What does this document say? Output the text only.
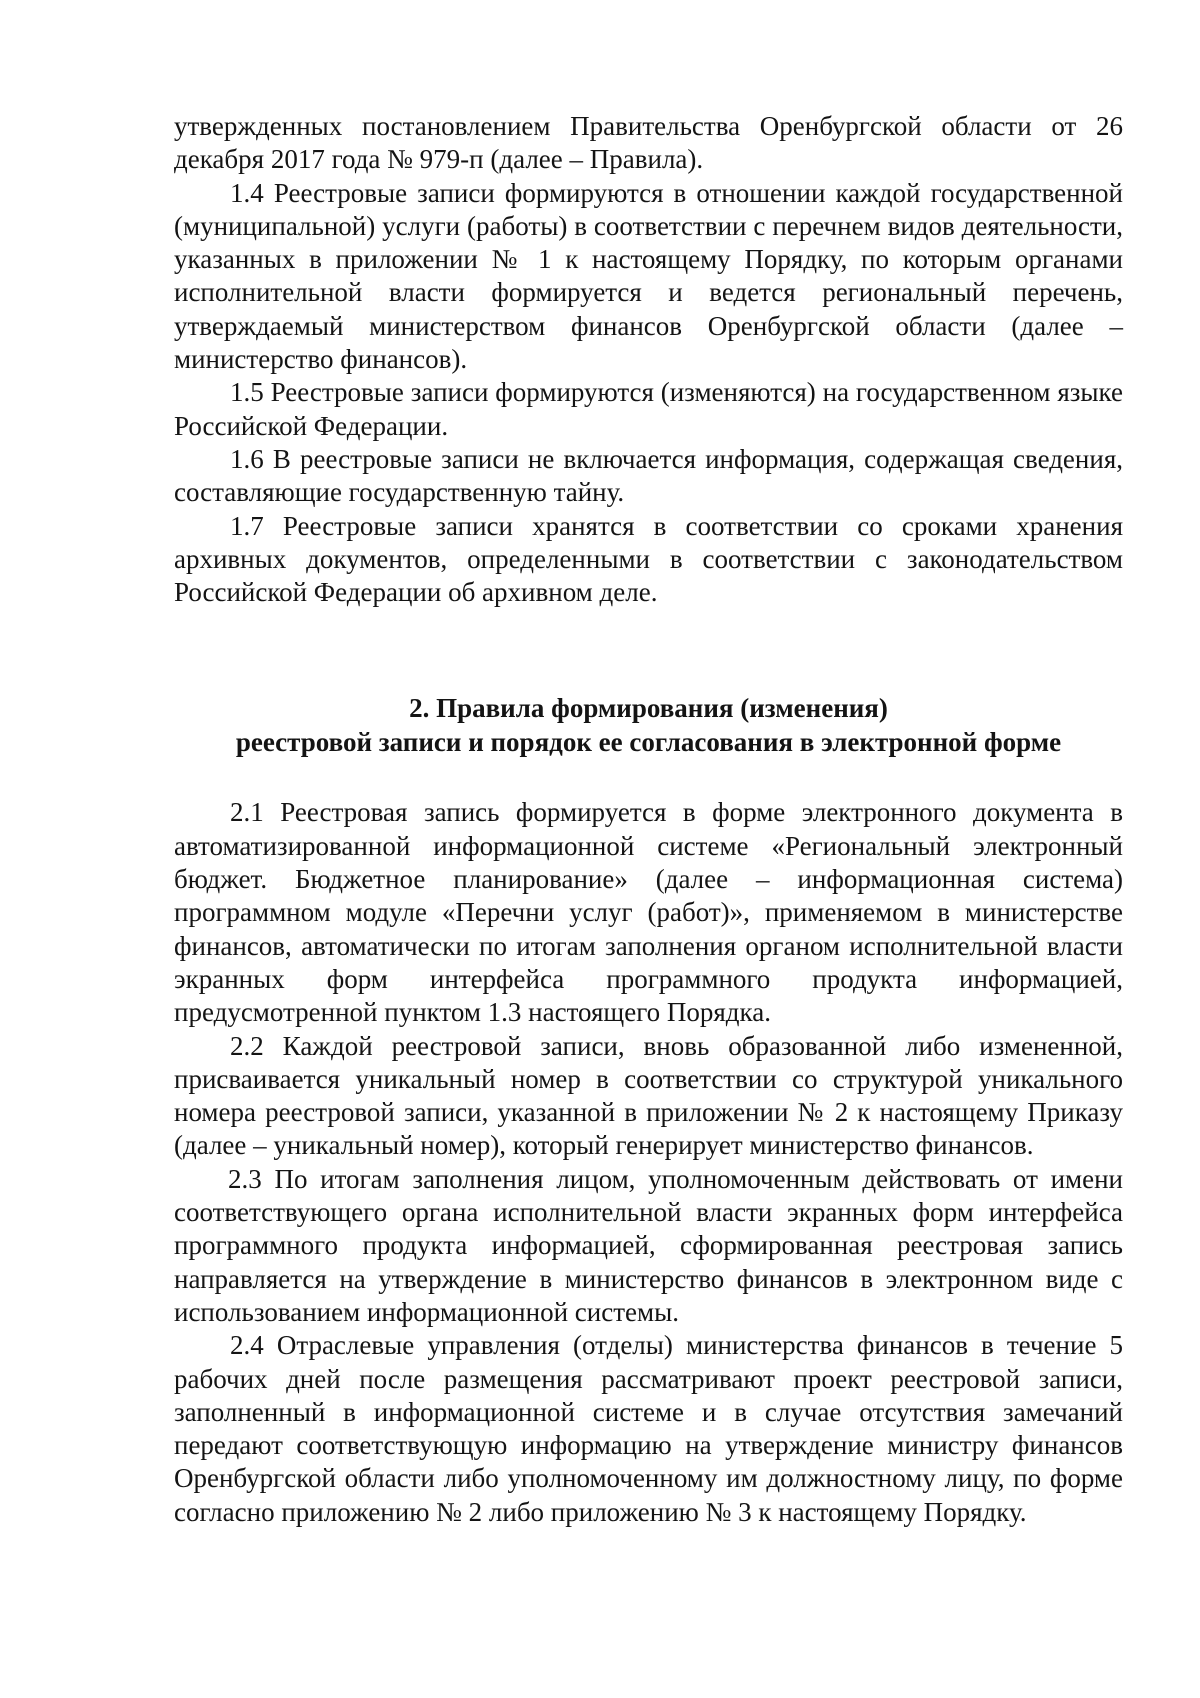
утвержденных постановлением Правительства Оренбургской области от 26 декабря 2017 года № 979-п (далее – Правила).

1.4 Реестровые записи формируются в отношении каждой государственной (муниципальной) услуги (работы) в соответствии с перечнем видов деятельности, указанных в приложении № 1 к настоящему Порядку, по которым органами исполнительной власти формируется и ведется региональный перечень, утверждаемый министерством финансов Оренбургской области (далее – министерство финансов).

1.5 Реестровые записи формируются (изменяются) на государственном языке Российской Федерации.

1.6 В реестровые записи не включается информация, содержащая сведения, составляющие государственную тайну.

1.7 Реестровые записи хранятся в соответствии со сроками хранения архивных документов, определенными в соответствии с законодательством Российской Федерации об архивном деле.

2. Правила формирования (изменения)

реестровой записи и порядок ее согласования в электронной форме

2.1 Реестровая запись формируется в форме электронного документа в автоматизированной информационной системе «Региональный электронный бюджет. Бюджетное планирование» (далее – информационная система) программном модуле «Перечни услуг (работ)», применяемом в министерстве финансов, автоматически по итогам заполнения органом исполнительной власти экранных форм интерфейса программного продукта информацией, предусмотренной пунктом 1.3 настоящего Порядка.

2.2 Каждой реестровой записи, вновь образованной либо измененной, присваивается уникальный номер в соответствии со структурой уникального номера реестровой записи, указанной в приложении № 2 к настоящему Приказу (далее – уникальный номер), который генерирует министерство финансов.

2.3 По итогам заполнения лицом, уполномоченным действовать от имени соответствующего органа исполнительной власти экранных форм интерфейса программного продукта информацией, сформированная реестровая запись направляется на утверждение в министерство финансов в электронном виде с использованием информационной системы.

2.4 Отраслевые управления (отделы) министерства финансов в течение 5 рабочих дней после размещения рассматривают проект реестровой записи, заполненный в информационной системе и в случае отсутствия замечаний передают соответствующую информацию на утверждение министру финансов Оренбургской области либо уполномоченному им должностному лицу, по форме согласно приложению № 2 либо приложению № 3 к настоящему Порядку.
